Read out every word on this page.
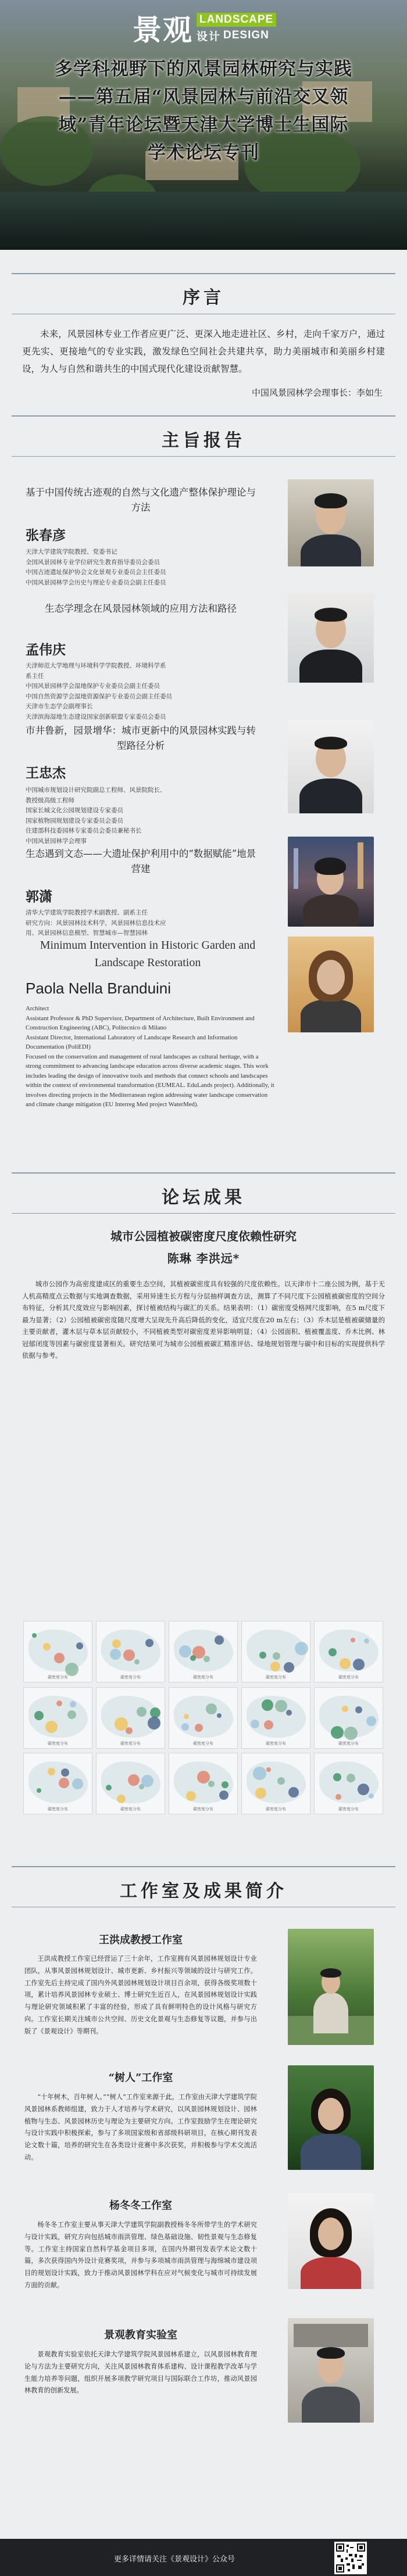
景观 LANDSCAPE
设计 DESIGN
多学科视野下的风景园林研究与实践
——第五届“风景园林与前沿交叉领
域”青年论坛暨天津大学博士生国际
学术论坛专刊
序言
未来，风景园林专业工作者应更广泛、更深入地走进社区、乡村，走向千家万户，通过更先实、更接地气的专业实践，激发绿色空间社会共建共享，助力美丽城市和美丽乡村建设，为人与自然和谐共生的中国式现代化建设贡献智慧。
中国风景园林学会理事长：李如生
主旨报告
基于中国传统古迹观的自然与文化遗产整体保护理论与方法
张春彦
天津大学建筑学院教授、党委书记
全国风景园林专业学位研究生教育指导委员会委员
中国古迹遗址保护协会文化景观专业委员会主任委员
中国风景园林学会历史与理论专业委员会副主任委员
生态学理念在风景园林领域的应用方法和路径
孟伟庆
天津师范大学地理与环境科学学院教授、环境科学系
系主任
中国风景园林学会湿地保护专业委员会副主任委员
中国自然资源学会湿地资源保护专业委员会副主任委员
天津市生态学会副理事长
天津滨海湿地生态建设国家创新联盟专家委员会委员
市井鲁新，园景增华：城市更新中的风景园林实践与转型路径分析
王忠杰
中国城市规划设计研究院副总工程师、风景院院长、
教授级高级工程师
国家长城文化公园规划建设专家委员
国家植物园规划建设专家委员会委员
住建部科技委园林专家委员会委员兼秘书长
中国风景园林学会理事
生态遇到文态——大遗址保护利用中的“数据赋能”地景营建
郭潇
清华大学建筑学院教授学术副教授、副系主任
研究方向：风景园林技术科学，风景园林信息技术应
用、风景园林信息模型、智慧城市—智慧园林
Minimum Intervention in Historic Garden and Landscape Restoration
Paola Nella Branduini
Architect
Assistant Professor & PhD Supervisor, Department of Architecture, Built Environment and Construction Engineering (ABC), Politecnico di Milano
Assistant Director, International Laboratory of Landscape Research and Information Documentation (PoliEDI)
Focused on the conservation and management of rural landscapes as cultural heritage, with a strong commitment to advancing landscape education across diverse academic stages. This work includes leading the design of innovative tools and methods that connect schools and landscapes within the context of environmental transformation (EUMEAL. EduLands project). Additionally, it involves directing projects in the Mediterranean region addressing water landscape conservation and climate change mitigation (EU Interreg Med project WaterMed).
论坛成果
城市公园植被碳密度尺度依赖性研究
陈琳 李洪远*
城市公园作为高密度建成区的重要生态空间，其植被碳密度具有较强的尺度依赖性。以天津市十二座公园为例，基于无人机高精度点云数据与实地调查数据，采用异速生长方程与分层抽样调查方法，测算了不同尺度下公园植被碳密度的空间分布特征，分析其尺度效应与影响因素，探讨植被结构与碳汇的关系。结果表明：（1）碳密度受格网尺度影响，在5 m尺度下最为显著；（2）公园植被碳密度随尺度增大呈现先升高后降低的变化，适宜尺度在20 m左右；（3）乔木层是植被碳储量的主要贡献者，灌木层与草本层贡献较小，不同植被类型对碳密度差异影响明显；（4）公园面积、植被覆盖度、乔木比例、林冠郁闭度等因素与碳密度显著相关。研究结果可为城市公园植被碳汇精准评估、绿地规划管理与碳中和目标的实现提供科学依据与参考。
碳密度分布	碳密度分布	碳密度分布	碳密度分布	碳密度分布
碳密度分布	碳密度分布	碳密度分布	碳密度分布	碳密度分布
碳密度分布	碳密度分布	碳密度分布	碳密度分布	碳密度分布
工作室及成果简介
王洪成教授工作室
王洪成教授工作室已经营运了三十余年，工作室拥有风景园林规划设计专业团队，从事风景园林规划设计、城市更新、乡村振兴等领域的设计与研究工作。工作室先后主持完成了国内外风景园林规划设计项目百余项，获得各级奖项数十项，累计培养风景园林专业硕士、博士研究生近百人，在风景园林规划设计实践与理论研究领域积累了丰富的经验，形成了具有鲜明特色的设计风格与研究方向。工作室长期关注城市公共空间、历史文化景观与生态修复等议题，并参与出版了《景观设计》等期刊。
“树人”工作室
“十年树木，百年树人。”“树人”工作室来源于此，工作室由天津大学建筑学院风景园林系教师组建，致力于人才培养与学术研究，以风景园林规划设计、园林植物与生态、风景园林历史与理论为主要研究方向。工作室鼓励学生在理论研究与设计实践中积极探索，参与了多项国家级和省部级科研项目，在核心期刊发表论文数十篇，培养的研究生在各类设计竞赛中多次获奖，并积极参与学术交流活动。
杨冬冬工作室
杨冬冬工作室主要从事天津大学建筑学院副教授杨冬冬所带学生的学术研究与设计实践，研究方向包括城市雨洪管理、绿色基础设施、韧性景观与生态修复等。工作室主持国家自然科学基金项目多项，在国内外期刊发表学术论文数十篇，多次获得国内外设计竞赛奖项，并参与多项城市雨洪管理与海绵城市建设项目的规划设计实践，致力于推动风景园林学科在应对气候变化与城市可持续发展方面的贡献。
景观教育实验室
景观教育实验室依托天津大学建筑学院风景园林系建立，以风景园林教育理论与方法为主要研究方向，关注风景园林教育体系建构、设计课程教学改革与学生能力培养等问题，组织开展多项教学研究项目与国际联合工作坊，推动风景园林教育的创新发展。
更多详情请关注《景观设计》公众号
